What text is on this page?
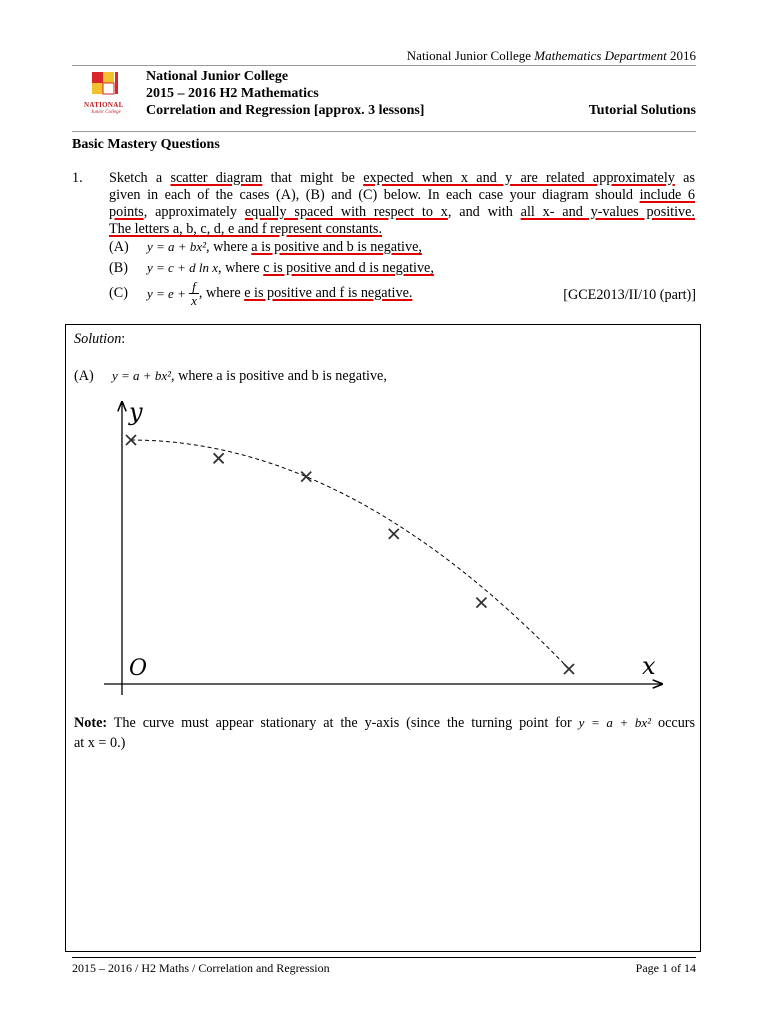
National Junior College Mathematics Department 2016
NATIONAL
Junior College
National Junior College
2015 – 2016 H2 Mathematics
Correlation and Regression [approx. 3 lessons]	Tutorial Solutions
Basic Mastery Questions
1. Sketch a scatter diagram that might be expected when x and y are related approximately as
given in each of the cases (A), (B) and (C) below. In each case your diagram should include 6
points, approximately equally spaced with respect to x, and with all x- and y-values positive.
The letters a, b, c, d, e and f represent constants.
(A) y = a + bx², where a is positive and b is negative,
(B) y = c + d ln x, where c is positive and d is negative,
(C) $y = e + \frac{f}{x}$ , where e is positive and f is negative.	[GCE2013/II/10 (part)]
Solution:
(A) y = a + bx², where a is positive and b is negative,
y
x
O
Note: The curve must appear stationary at the y-axis (since the turning point for y = a + bx² occurs
at x = 0.)
2015 – 2016 / H2 Maths / Correlation and Regression	Page 1 of 14
